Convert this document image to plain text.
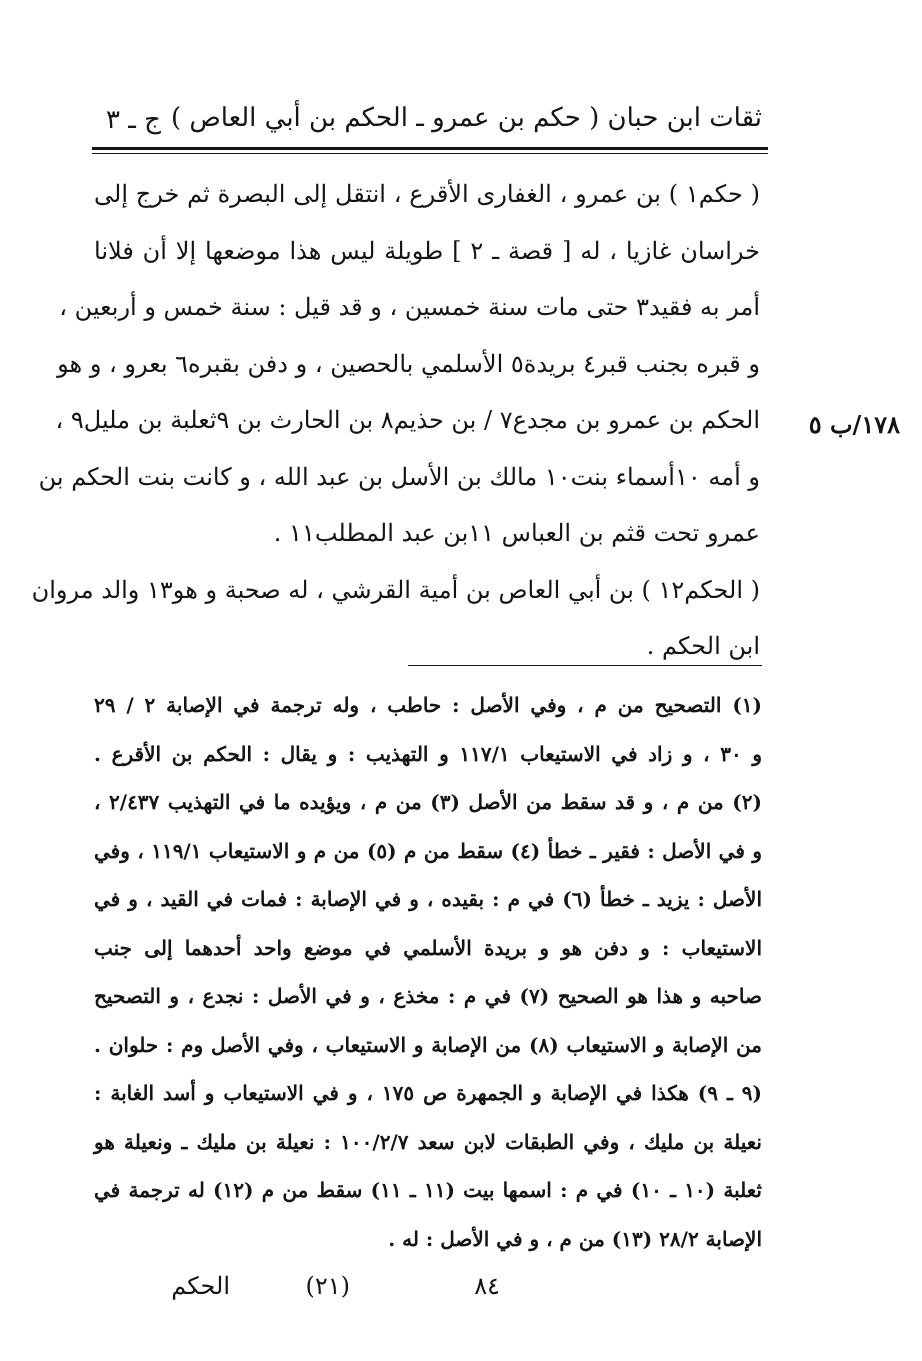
ثقات ابن حبان ( حكم بن عمرو ـ الحكم بن أبي العاص )
ج ـ ٣
١٧٨/ب ٥
( حكم١ ) بن عمرو ، الغفارى الأقرع ، انتقل إلى البصرة ثم خرج إلى
خراسان غازيا ، له [ قصة ـ ٢ ] طويلة ليس هذا موضعها إلا أن فلانا
أمر به فقيد٣ حتى مات سنة خمسين ، و قد قيل : سنة خمس و أربعين ،
و قبره بجنب قبر٤ بريدة٥ الأسلمي بالحصين ، و دفن بقبره٦ بعرو ، و هو
الحكم بن عمرو بن مجدع٧ / بن حذيم٨ بن الحارث بن ٩ثعلبة بن مليل٩ ،
و أمه ١٠أسماء بنت١٠ مالك بن الأسل بن عبد الله ، و كانت بنت الحكم بن
عمرو تحت قثم بن العباس ١١بن عبد المطلب١١ .
( الحكم١٢ ) بن أبي العاص بن أمية القرشي ، له صحبة و هو١٣ والد مروان
ابن الحكم .
(١) التصحيح من م ، وفي الأصل : حاطب ، وله ترجمة في الإصابة ٢ / ٢٩
و ٣٠ ، و زاد في الاستيعاب ١١٧/١ و التهذيب : و يقال : الحكم بن الأقرع .
(٢) من م ، و قد سقط من الأصل (٣) من م ، ويؤيده ما في التهذيب ٢/٤٣٧ ،
و في الأصل : فقير ـ خطأ (٤) سقط من م (٥) من م و الاستيعاب ١١٩/١ ، وفي
الأصل : يزيد ـ خطأ (٦) في م : بقيده ، و في الإصابة : فمات في القيد ، و في
الاستيعاب : و دفن هو و بريدة الأسلمي في موضع واحد أحدهما إلى جنب
صاحبه و هذا هو الصحيح (٧) في م : مخذع ، و في الأصل : نجدع ، و التصحيح
من الإصابة و الاستيعاب (٨) من الإصابة و الاستيعاب ، وفي الأصل وم : حلوان .
(٩ ـ ٩) هكذا في الإصابة و الجمهرة ص ١٧٥ ، و في الاستيعاب و أسد الغابة :
نعيلة بن مليك ، وفي الطبقات لابن سعد ١٠٠/٢/٧ : نعيلة بن مليك ـ ونعيلة هو
ثعلبة (١٠ ـ ١٠) في م : اسمها بيت (١١ ـ ١١) سقط من م (١٢) له ترجمة في
الإصابة ٢٨/٢ (١٣) من م ، و في الأصل : له .
٨٤
(٢١)
الحكم
